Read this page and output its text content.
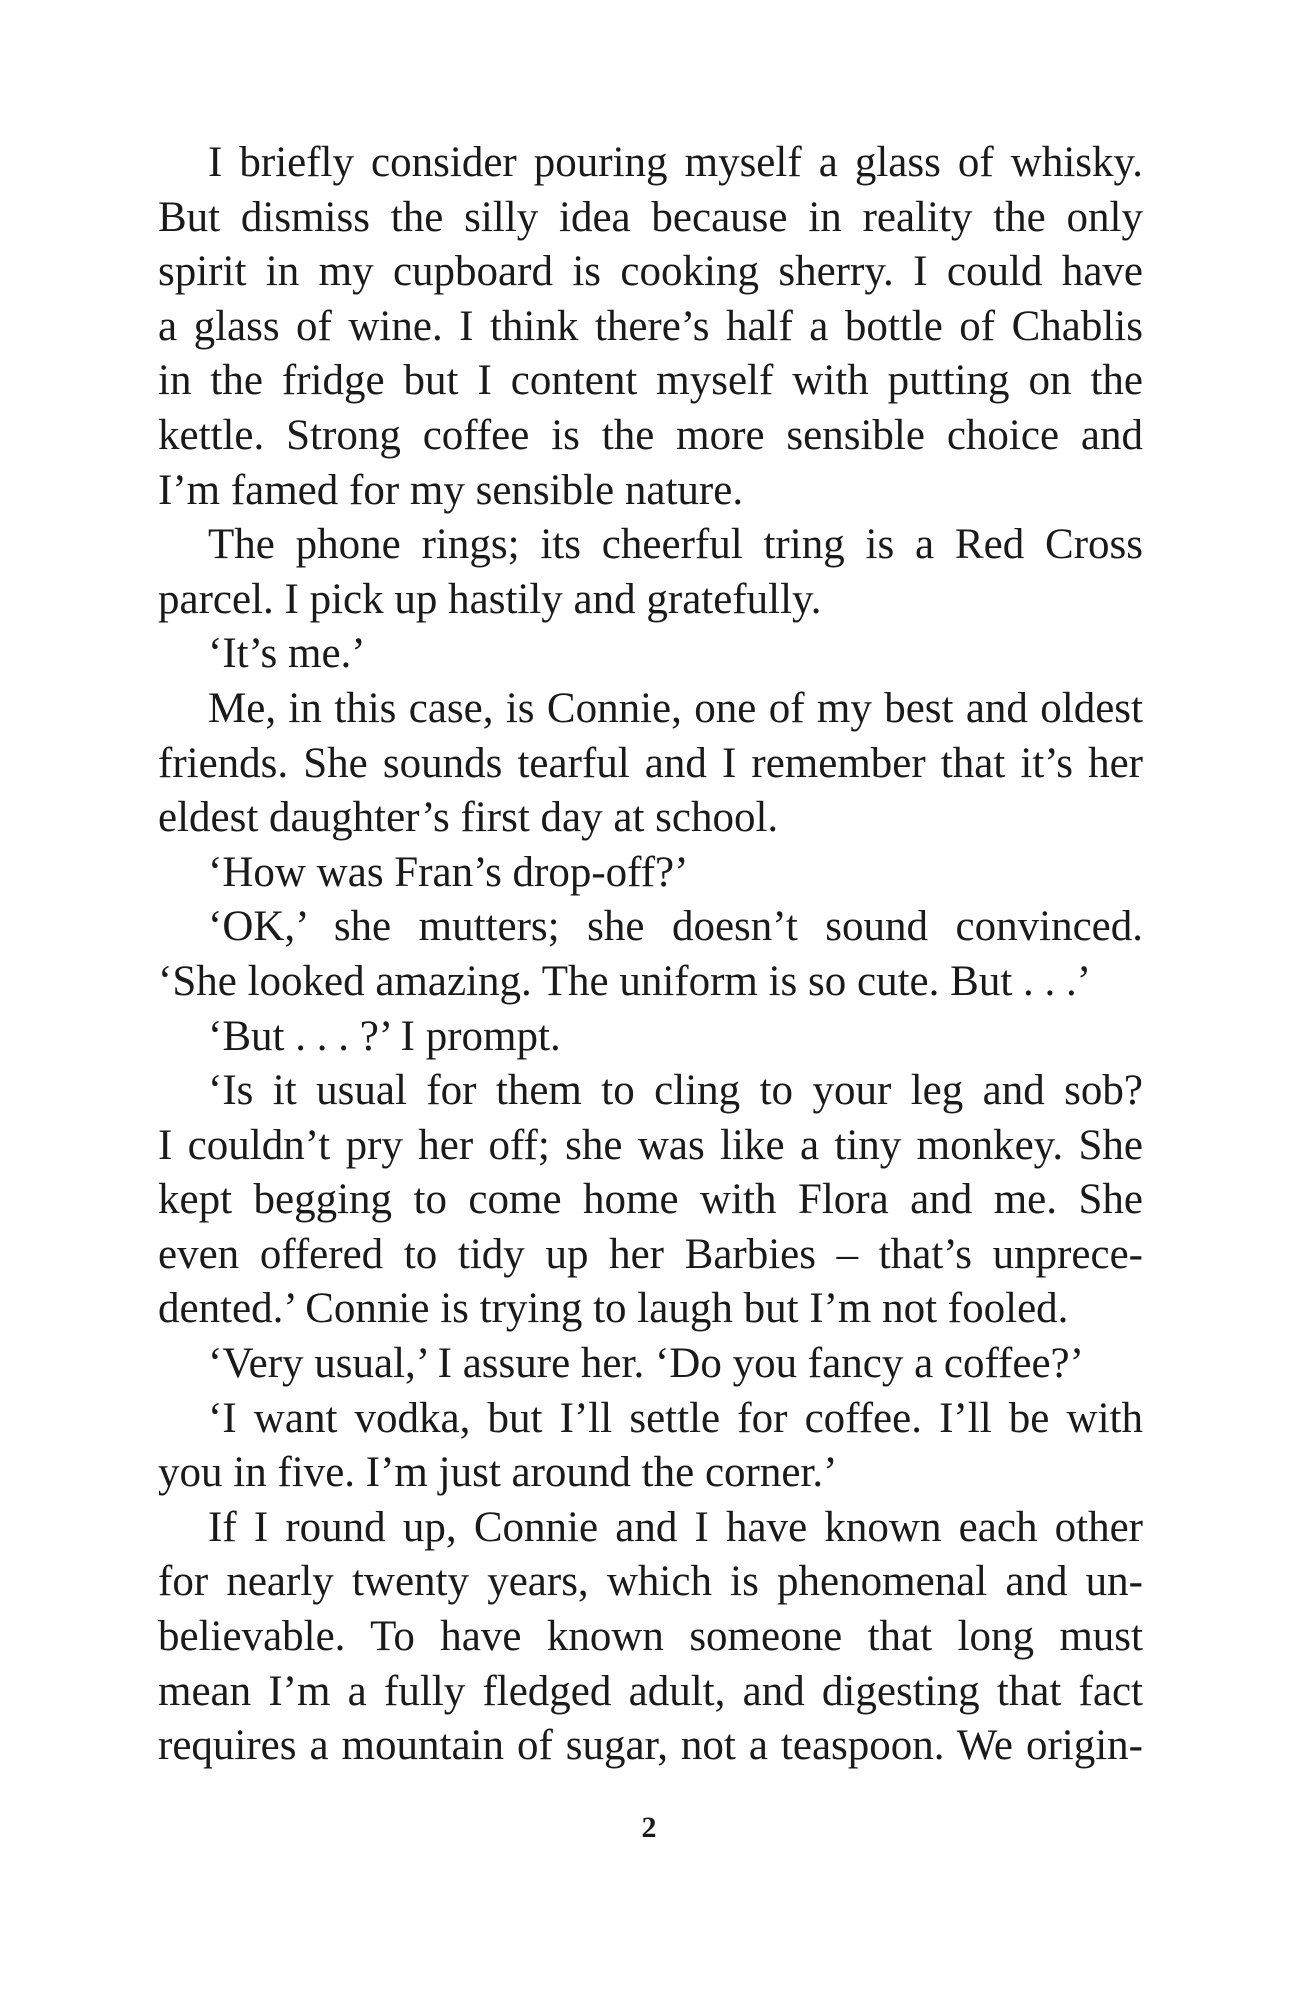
I briefly consider pouring myself a glass of whisky.
But dismiss the silly idea because in reality the only
spirit in my cupboard is cooking sherry. I could have
a glass of wine. I think there’s half a bottle of Chablis
in the fridge but I content myself with putting on the
kettle. Strong coffee is the more sensible choice and
I’m famed for my sensible nature.
The phone rings; its cheerful tring is a Red Cross
parcel. I pick up hastily and gratefully.
‘It’s me.’
Me, in this case, is Connie, one of my best and oldest
friends. She sounds tearful and I remember that it’s her
eldest daughter’s first day at school.
‘How was Fran’s drop-off?’
‘OK,’ she mutters; she doesn’t sound convinced.
‘She looked amazing. The uniform is so cute. But . . .’
‘But . . . ?’ I prompt.
‘Is it usual for them to cling to your leg and sob?
I couldn’t pry her off; she was like a tiny monkey. She
kept begging to come home with Flora and me. She
even offered to tidy up her Barbies – that’s unprece-
dented.’ Connie is trying to laugh but I’m not fooled.
‘Very usual,’ I assure her. ‘Do you fancy a coffee?’
‘I want vodka, but I’ll settle for coffee. I’ll be with
you in five. I’m just around the corner.’
If I round up, Connie and I have known each other
for nearly twenty years, which is phenomenal and un-
believable. To have known someone that long must
mean I’m a fully fledged adult, and digesting that fact
requires a mountain of sugar, not a teaspoon. We origin-
2
